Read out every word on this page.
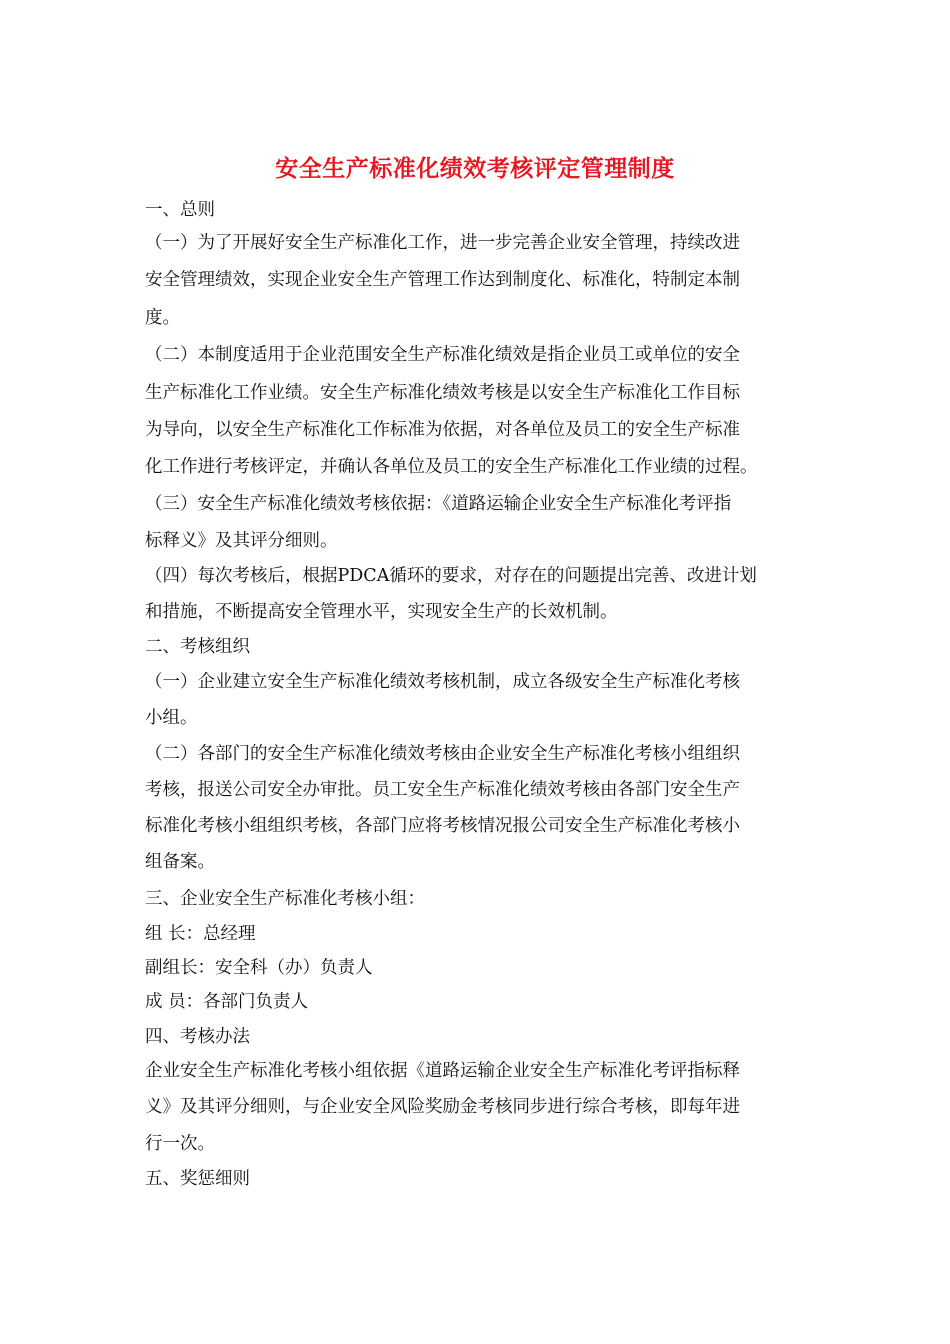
安全生产标准化绩效考核评定管理制度
一、总则
（一）为了开展好安全生产标准化工作，进一步完善企业安全管理，持续改进
安全管理绩效，实现企业安全生产管理工作达到制度化、标准化，特制定本制
度。
（二）本制度适用于企业范围安全生产标准化绩效是指企业员工或单位的安全
生产标准化工作业绩。安全生产标准化绩效考核是以安全生产标准化工作目标
为导向，以安全生产标准化工作标准为依据，对各单位及员工的安全生产标准
化工作进行考核评定，并确认各单位及员工的安全生产标准化工作业绩的过程。
（三）安全生产标准化绩效考核依据：《道路运输企业安全生产标准化考评指
标释义》及其评分细则。
（四）每次考核后，根据PDCA循环的要求，对存在的问题提出完善、改进计划
和措施，不断提高安全管理水平，实现安全生产的长效机制。
二、考核组织
（一）企业建立安全生产标准化绩效考核机制，成立各级安全生产标准化考核
小组。
（二）各部门的安全生产标准化绩效考核由企业安全生产标准化考核小组组织
考核，报送公司安全办审批。员工安全生产标准化绩效考核由各部门安全生产
标准化考核小组组织考核，各部门应将考核情况报公司安全生产标准化考核小
组备案。
三、企业安全生产标准化考核小组：
组 长：总经理
副组长：安全科（办）负责人
成 员：各部门负责人
四、考核办法
企业安全生产标准化考核小组依据《道路运输企业安全生产标准化考评指标释
义》及其评分细则，与企业安全风险奖励金考核同步进行综合考核，即每年进
行一次。
五、奖惩细则
